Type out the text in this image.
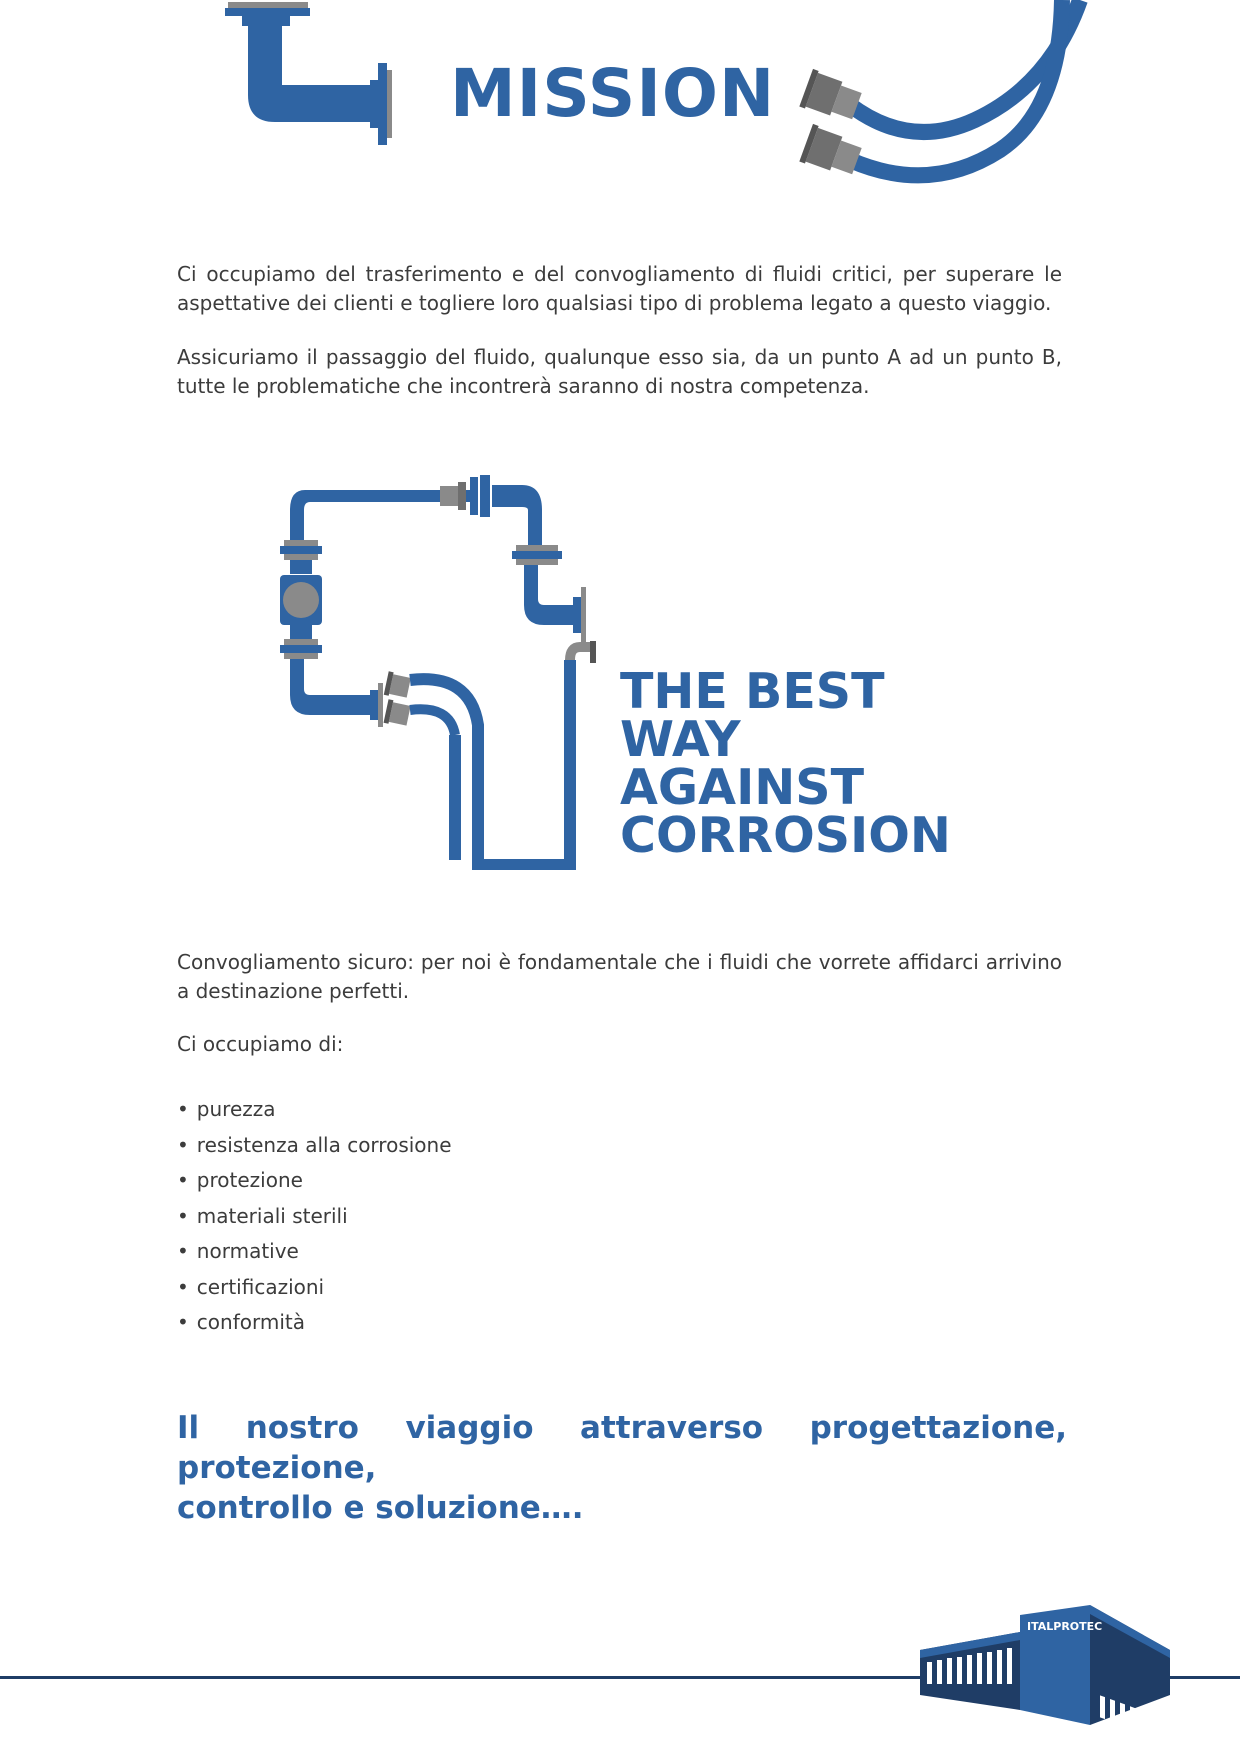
MISSION

Ci occupiamo del trasferimento e del convogliamento di fluidi critici, per superare le aspettative dei clienti e togliere loro qualsiasi tipo di problema legato a questo viaggio.

Assicuriamo il passaggio del fluido, qualunque esso sia, da un punto A ad un punto B, tutte le problematiche che incontrerà saranno di nostra competenza.

THE BEST
WAY
AGAINST
CORROSION

Convogliamento sicuro: per noi è fondamentale che i fluidi che vorrete affidarci arrivino a destinazione perfetti.

Ci occupiamo di:

• purezza
• resistenza alla corrosione
• protezione
• materiali sterili
• normative
• certificazioni
• conformità

Il nostro viaggio attraverso progettazione, protezione,
controllo e soluzione….

ITALPROTEC
